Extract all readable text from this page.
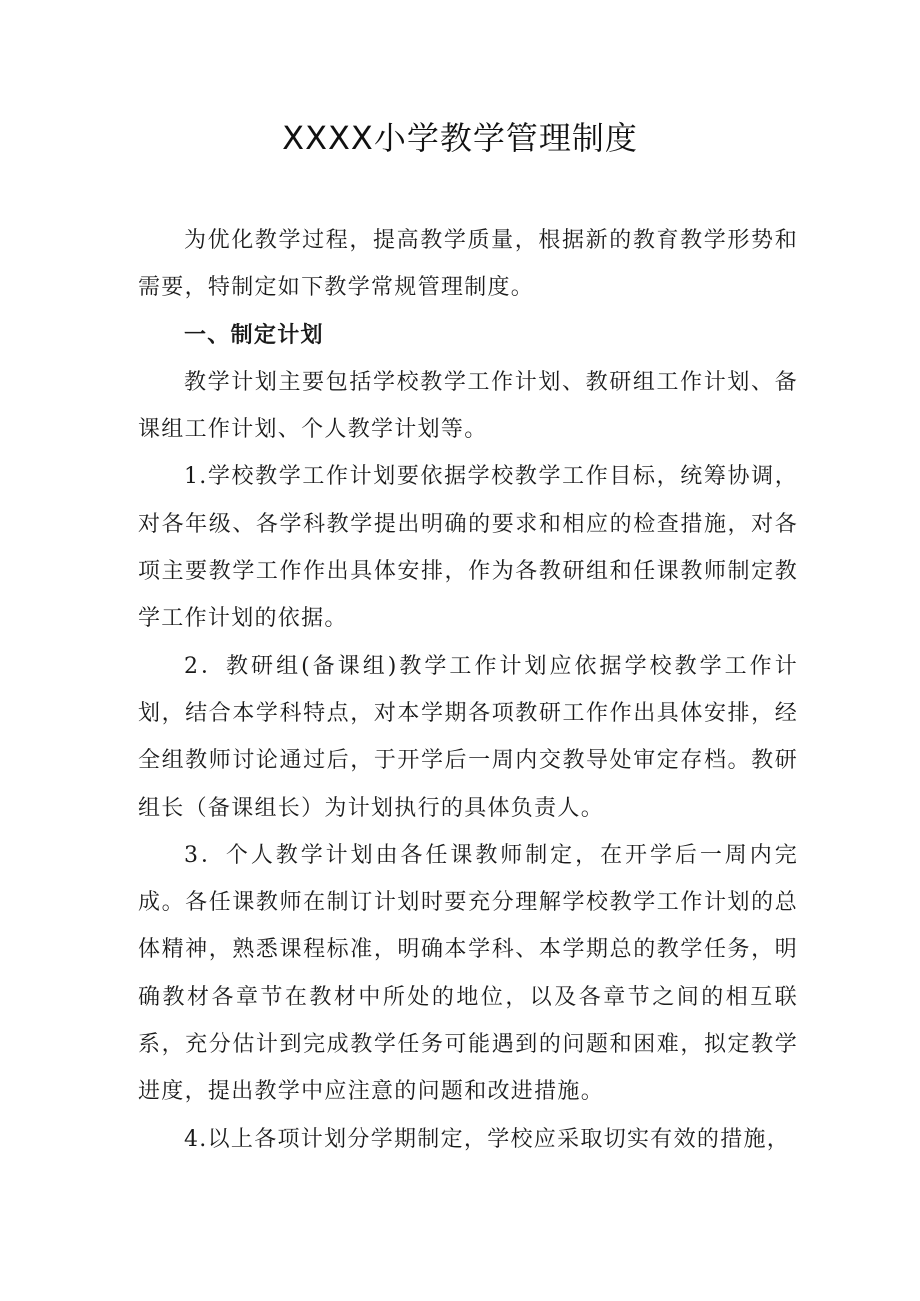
XXXX小学教学管理制度

为优化教学过程，提高教学质量，根据新的教育教学形势和需要，特制定如下教学常规管理制度。

一、制定计划

教学计划主要包括学校教学工作计划、教研组工作计划、备课组工作计划、个人教学计划等。

1.学校教学工作计划要依据学校教学工作目标，统筹协调，对各年级、各学科教学提出明确的要求和相应的检查措施，对各项主要教学工作作出具体安排，作为各教研组和任课教师制定教学工作计划的依据。

2．教研组(备课组)教学工作计划应依据学校教学工作计划，结合本学科特点，对本学期各项教研工作作出具体安排，经全组教师讨论通过后，于开学后一周内交教导处审定存档。教研组长（备课组长）为计划执行的具体负责人。

3．个人教学计划由各任课教师制定，在开学后一周内完成。各任课教师在制订计划时要充分理解学校教学工作计划的总体精神，熟悉课程标准，明确本学科、本学期总的教学任务，明确教材各章节在教材中所处的地位，以及各章节之间的相互联系，充分估计到完成教学任务可能遇到的问题和困难，拟定教学进度，提出教学中应注意的问题和改进措施。

4.以上各项计划分学期制定，学校应采取切实有效的措施，
